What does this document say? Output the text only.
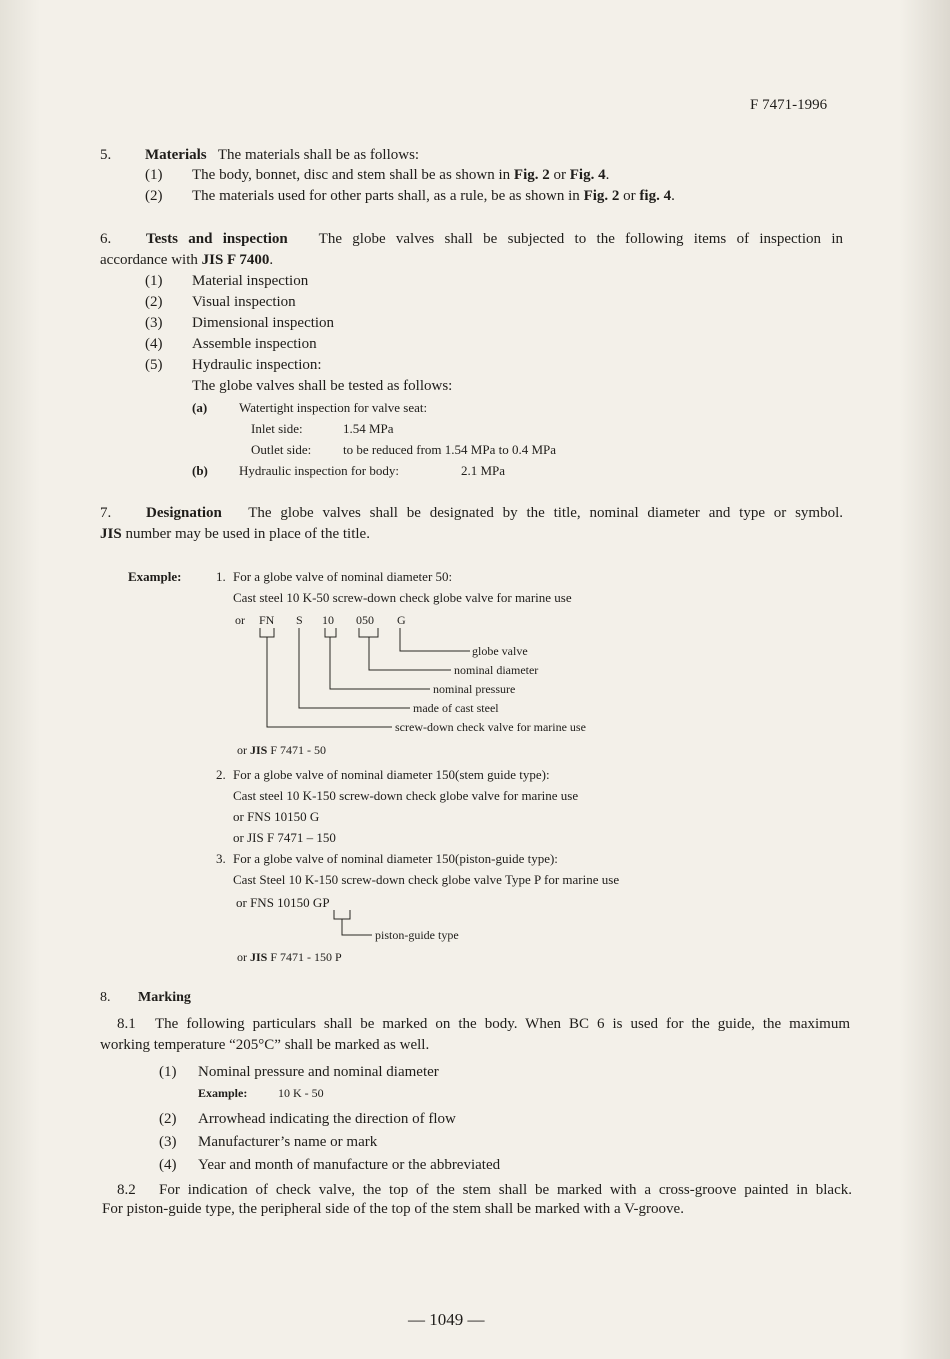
F 7471-1996
5. Materials The materials shall be as follows:
(1) The body, bonnet, disc and stem shall be as shown in Fig. 2 or Fig. 4.
(2) The materials used for other parts shall, as a rule, be as shown in Fig. 2 or fig. 4.
6. Tests and inspection The globe valves shall be subjected to the following items of inspection in
accordance with JIS F 7400.
(1) Material inspection
(2) Visual inspection
(3) Dimensional inspection
(4) Assemble inspection
(5) Hydraulic inspection:
The globe valves shall be tested as follows:
(a) Watertight inspection for valve seat:
Inlet side:	1.54 MPa
Outlet side: to be reduced from 1.54 MPa to 0.4 MPa
(b) Hydraulic inspection for body:	2.1 MPa
7. Designation The globe valves shall be designated by the title, nominal diameter and type or symbol.
JIS number may be used in place of the title.
Example:	1. For a globe valve of nominal diameter 50:
Cast steel 10 K-50 screw-down check globe valve for marine use
or FN S 10 050 G
globe valve
nominal diameter
nominal pressure
made of cast steel
screw-down check valve for marine use
or JIS F 7471 - 50
2. For a globe valve of nominal diameter 150(stem guide type):
Cast steel 10 K-150 screw-down check globe valve for marine use
or FNS 10150 G
or JIS F 7471 – 150
3. For a globe valve of nominal diameter 150(piston-guide type):
Cast Steel 10 K-150 screw-down check globe valve Type P for marine use
or FNS 10150 GP
piston-guide type
or JIS F 7471 - 150 P
8. Marking
8.1 The following particulars shall be marked on the body. When BC 6 is used for the guide, the maximum
working temperature “205°C” shall be marked as well.
(1) Nominal pressure and nominal diameter
Example:	10 K - 50
(2) Arrowhead indicating the direction of flow
(3) Manufacturer’s name or mark
(4) Year and month of manufacture or the abbreviated
8.2 For indication of check valve, the top of the stem shall be marked with a cross-groove painted in black.
For piston-guide type, the peripheral side of the top of the stem shall be marked with a V-groove.
— 1049 —
